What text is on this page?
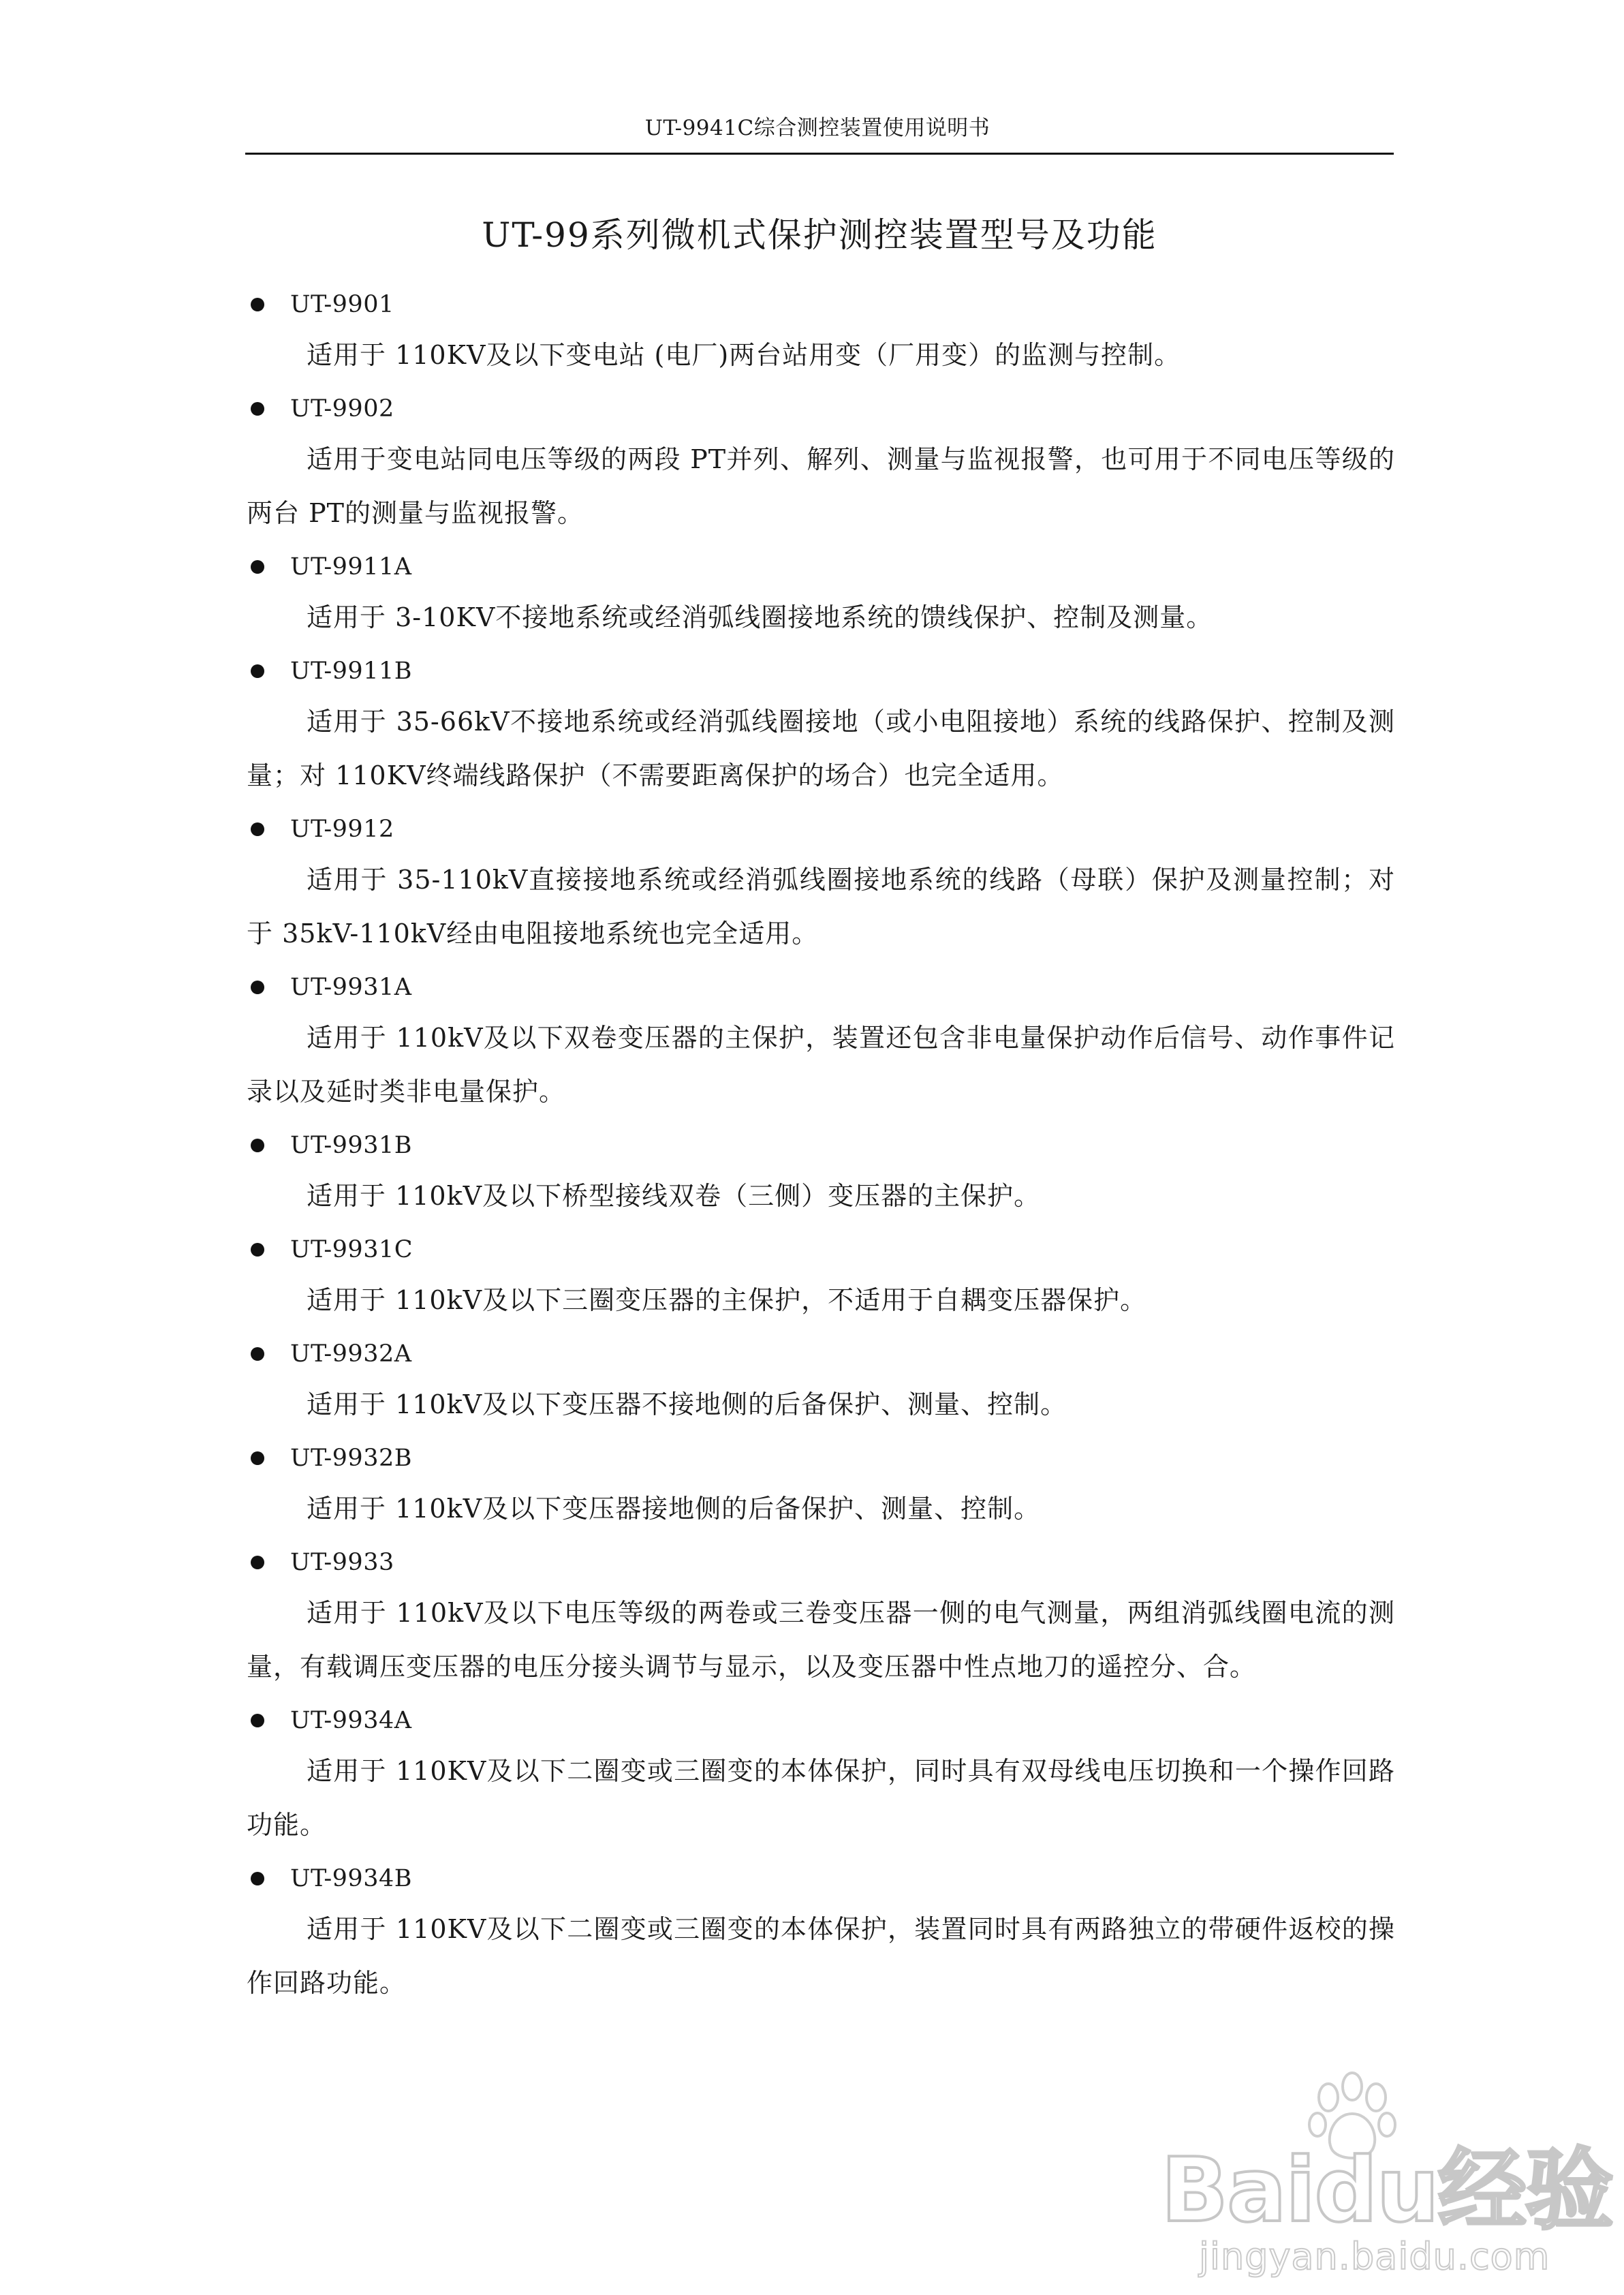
UT-9941C综合测控装置使用说明书
UT-99系列微机式保护测控装置型号及功能
UT-9901

适用于 110KV及以下变电站 (电厂)两台站用变（厂用变）的监测与控制。

UT-9902

适用于变电站同电压等级的两段 PT并列、解列、测量与监视报警，也可用于不同电压等级的两台 PT的测量与监视报警。

UT-9911A

适用于 3-10KV不接地系统或经消弧线圈接地系统的馈线保护、控制及测量。

UT-9911B

适用于 35-66kV不接地系统或经消弧线圈接地（或小电阻接地）系统的线路保护、控制及测量；对 110KV终端线路保护（不需要距离保护的场合）也完全适用。

UT-9912

适用于 35-110kV直接接地系统或经消弧线圈接地系统的线路（母联）保护及测量控制；对于 35kV-110kV经由电阻接地系统也完全适用。

UT-9931A

适用于 110kV及以下双卷变压器的主保护，装置还包含非电量保护动作后信号、动作事件记录以及延时类非电量保护。

UT-9931B

适用于 110kV及以下桥型接线双卷（三侧）变压器的主保护。

UT-9931C

适用于 110kV及以下三圈变压器的主保护，不适用于自耦变压器保护。

UT-9932A

适用于 110kV及以下变压器不接地侧的后备保护、测量、控制。

UT-9932B

适用于 110kV及以下变压器接地侧的后备保护、测量、控制。

UT-9933

适用于 110kV及以下电压等级的两卷或三卷变压器一侧的电气测量，两组消弧线圈电流的测量，有载调压变压器的电压分接头调节与显示，以及变压器中性点地刀的遥控分、合。

UT-9934A

适用于 110KV及以下二圈变或三圈变的本体保护，同时具有双母线电压切换和一个操作回路功能。

UT-9934B

适用于 110KV及以下二圈变或三圈变的本体保护，装置同时具有两路独立的带硬件返校的操作回路功能。

Baidu经验
jingyan.baidu.com
